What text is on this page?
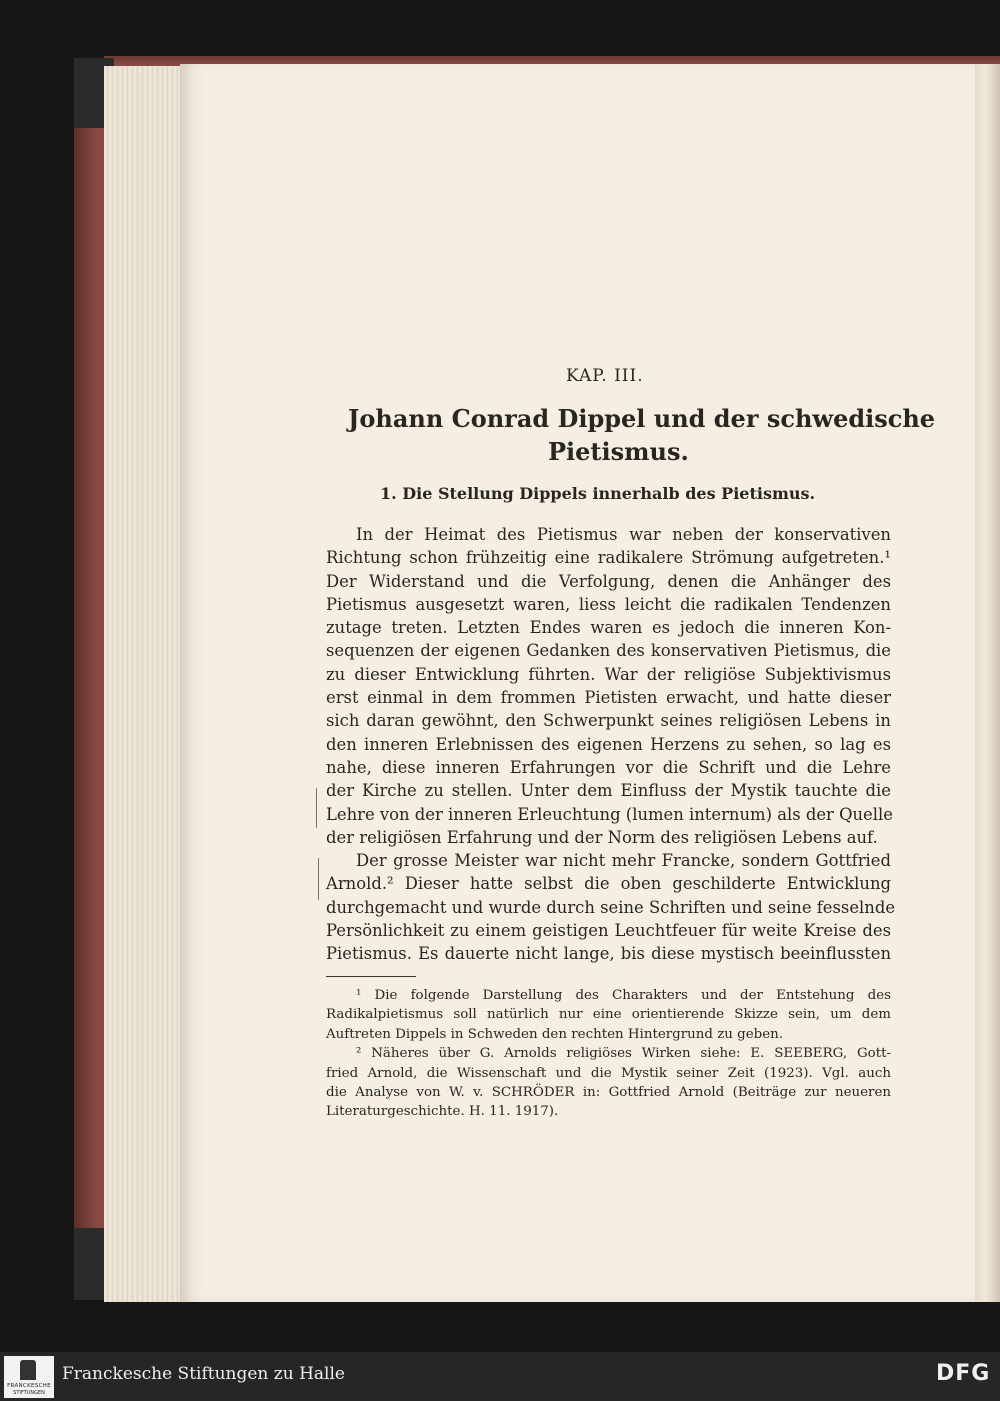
KAP. III.
Johann Conrad Dippel und der schwedische
Pietismus.
1. Die Stellung Dippels innerhalb des Pietismus.
In der Heimat des Pietismus war neben der konservativen
Richtung schon frühzeitig eine radikalere Strömung aufgetreten.¹
Der Widerstand und die Verfolgung, denen die Anhänger des
Pietismus ausgesetzt waren, liess leicht die radikalen Tendenzen
zutage treten. Letzten Endes waren es jedoch die inneren Kon-
sequenzen der eigenen Gedanken des konservativen Pietismus, die
zu dieser Entwicklung führten. War der religiöse Subjektivismus
erst einmal in dem frommen Pietisten erwacht, und hatte dieser
sich daran gewöhnt, den Schwerpunkt seines religiösen Lebens in
den inneren Erlebnissen des eigenen Herzens zu sehen, so lag es
nahe, diese inneren Erfahrungen vor die Schrift und die Lehre
der Kirche zu stellen. Unter dem Einfluss der Mystik tauchte die
Lehre von der inneren Erleuchtung (lumen internum) als der Quelle
der religiösen Erfahrung und der Norm des religiösen Lebens auf.
Der grosse Meister war nicht mehr Francke, sondern Gottfried
Arnold.² Dieser hatte selbst die oben geschilderte Entwicklung
durchgemacht und wurde durch seine Schriften und seine fesselnde
Persönlichkeit zu einem geistigen Leuchtfeuer für weite Kreise des
Pietismus. Es dauerte nicht lange, bis diese mystisch beeinflussten
¹ Die folgende Darstellung des Charakters und der Entstehung des
Radikalpietismus soll natürlich nur eine orientierende Skizze sein, um dem
Auftreten Dippels in Schweden den rechten Hintergrund zu geben.
² Näheres über G. Arnolds religiöses Wirken siehe: E. SEEBERG, Gott-
fried Arnold, die Wissenschaft und die Mystik seiner Zeit (1923). Vgl. auch
die Analyse von W. v. SCHRÖDER in: Gottfried Arnold (Beiträge zur neueren
Literaturgeschichte. H. 11. 1917).
FRANCKESCHE
STIFTUNGEN
Franckesche Stiftungen zu Halle	DFG
